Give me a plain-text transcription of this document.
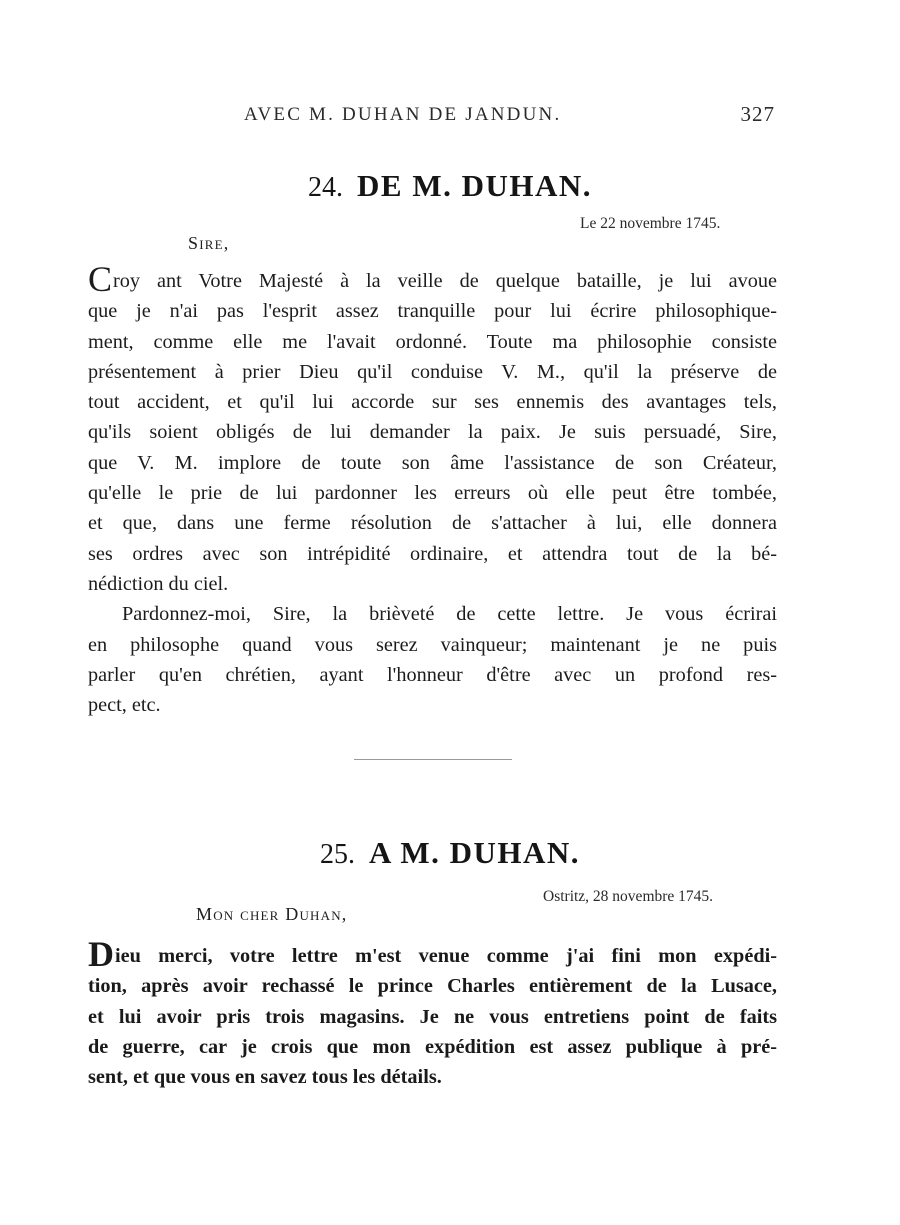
AVEC M. DUHAN DE JANDUN.	327
24. DE M. DUHAN.
Le 22 novembre 1745.
Sire,

Croy ant Votre Majesté à la veille de quelque bataille, je lui avoue
que je n'ai pas l'esprit assez tranquille pour lui écrire philosophique-
ment, comme elle me l'avait ordonné. Toute ma philosophie consiste
présentement à prier Dieu qu'il conduise V. M., qu'il la préserve de
tout accident, et qu'il lui accorde sur ses ennemis des avantages tels,
qu'ils soient obligés de lui demander la paix. Je suis persuadé, Sire,
que V. M. implore de toute son âme l'assistance de son Créateur,
qu'elle le prie de lui pardonner les erreurs où elle peut être tombée,
et que, dans une ferme résolution de s'attacher à lui, elle donnera
ses ordres avec son intrépidité ordinaire, et attendra tout de la bé-
nédiction du ciel.

Pardonnez-moi, Sire, la brièveté de cette lettre. Je vous écrirai
en philosophe quand vous serez vainqueur; maintenant je ne puis
parler qu'en chrétien, ayant l'honneur d'être avec un profond res-
pect, etc.

25. A M. DUHAN.
Ostritz, 28 novembre 1745.
Mon cher Duhan,

Dieu merci, votre lettre m'est venue comme j'ai fini mon expédi-
tion, après avoir rechassé le prince Charles entièrement de la Lusace,
et lui avoir pris trois magasins. Je ne vous entretiens point de faits
de guerre, car je crois que mon expédition est assez publique à pré-
sent, et que vous en savez tous les détails.
